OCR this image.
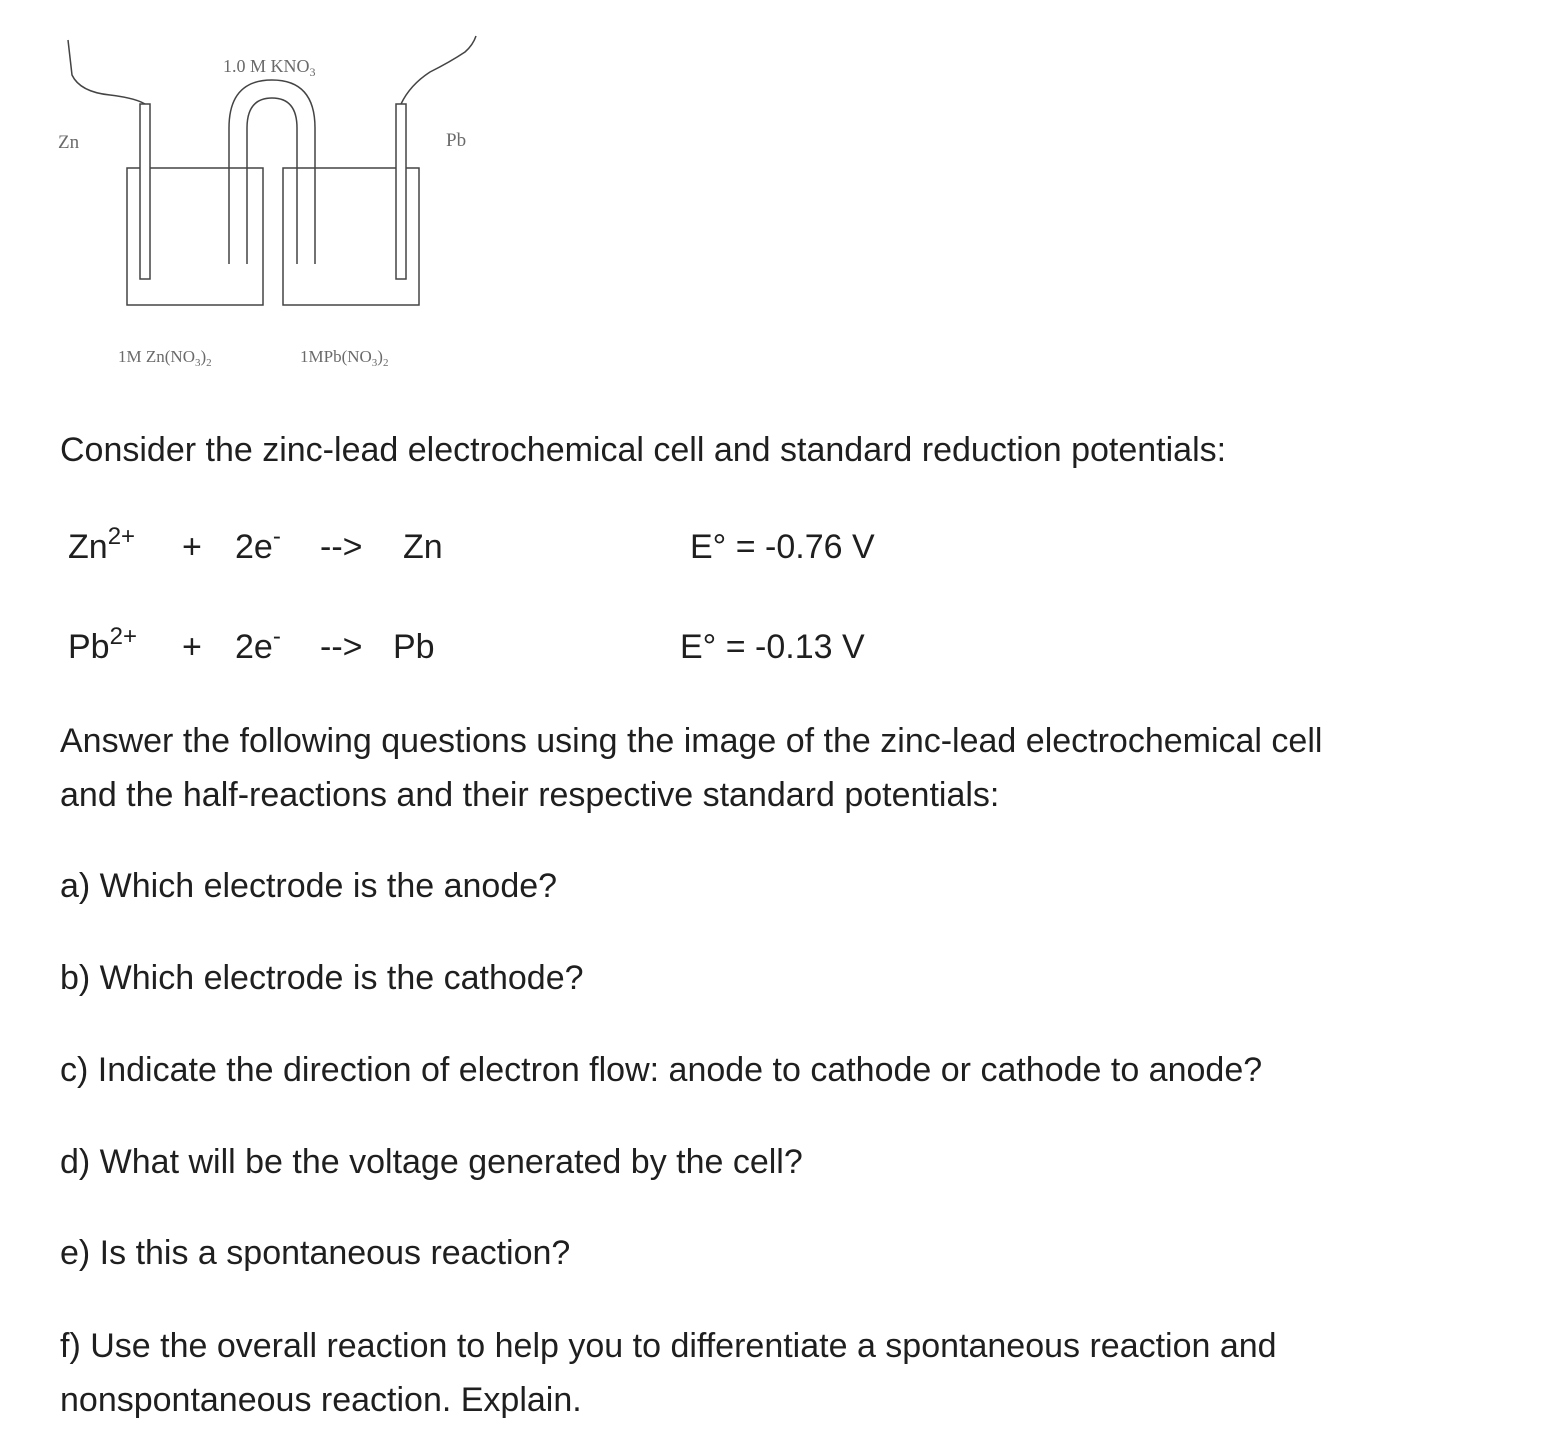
1.0 M $KNO_3$
Zn	Pb
1M $Zn(NO_3)_2$	$1MPb(NO_3)_2$
Consider the zinc-lead electrochemical cell and standard reduction potentials:
$Zn^{2+} + 2e^-$ --> Zn	E° = -0.76 V
$Pb^{2+} + 2e^-$ --> Pb	E° = -0.13 V
Answer the following questions using the image of the zinc-lead electrochemical cell
and the half-reactions and their respective standard potentials:
a) Which electrode is the anode?
b) Which electrode is the cathode?
c) Indicate the direction of electron flow: anode to cathode or cathode to anode?
d) What will be the voltage generated by the cell?
e) Is this a spontaneous reaction?
f) Use the overall reaction to help you to differentiate a spontaneous reaction and
nonspontaneous reaction. Explain.
